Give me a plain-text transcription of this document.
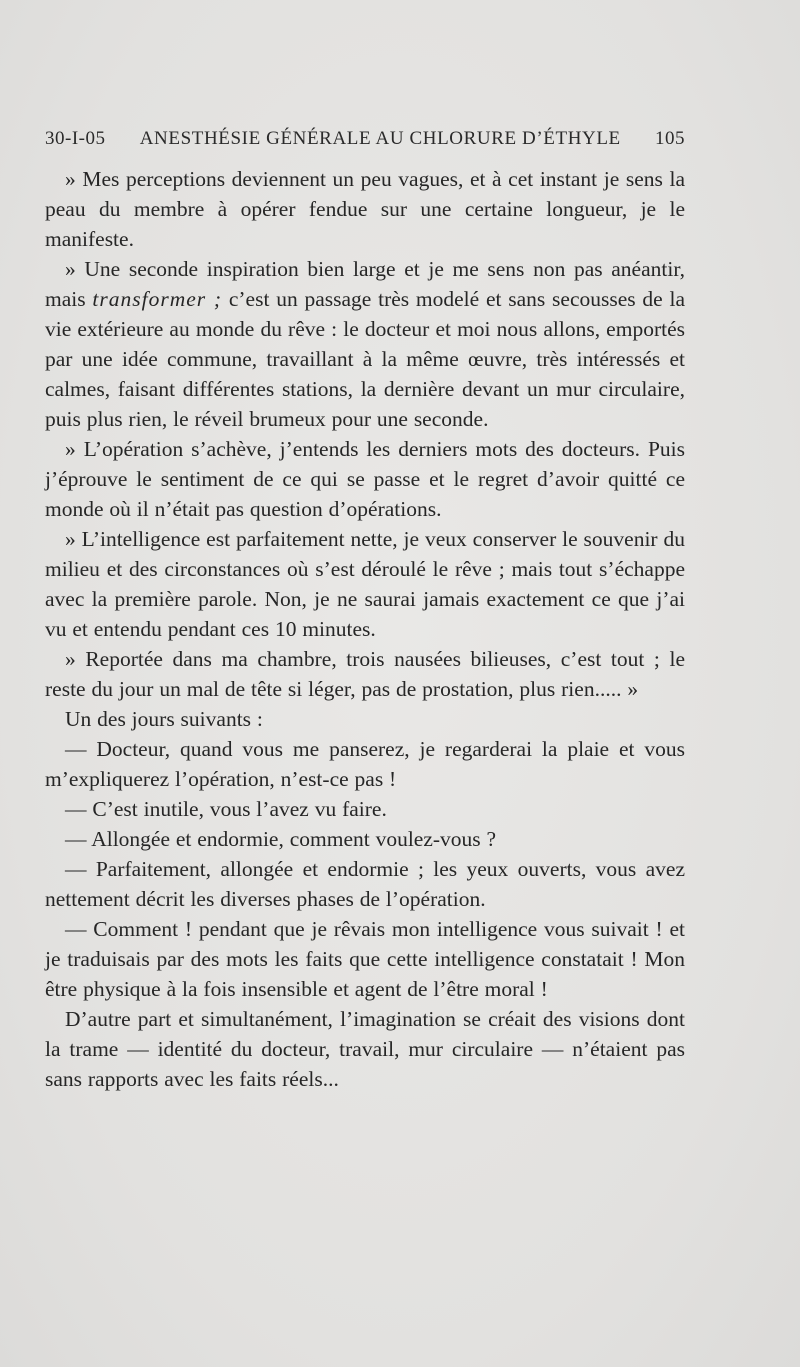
30-I-05 ANESTHÉSIE GÉNÉRALE AU CHLORURE D’ÉTHYLE 105

» Mes perceptions deviennent un peu vagues, et à cet instant je sens la peau du membre à opérer fendue sur une certaine longueur, je le manifeste.

» Une seconde inspiration bien large et je me sens non pas anéantir, mais transformer ; c’est un passage très modelé et sans secousses de la vie extérieure au monde du rêve : le docteur et moi nous allons, emportés par une idée commune, travaillant à la même œuvre, très intéressés et calmes, faisant différentes stations, la dernière devant un mur circulaire, puis plus rien, le réveil brumeux pour une seconde.

» L’opération s’achève, j’entends les derniers mots des docteurs. Puis j’éprouve le sentiment de ce qui se passe et le regret d’avoir quitté ce monde où il n’était pas question d’opérations.

» L’intelligence est parfaitement nette, je veux conserver le souvenir du milieu et des circonstances où s’est déroulé le rêve ; mais tout s’échappe avec la première parole. Non, je ne saurai jamais exactement ce que j’ai vu et entendu pendant ces 10 minutes.

» Reportée dans ma chambre, trois nausées bilieuses, c’est tout ; le reste du jour un mal de tête si léger, pas de prostation, plus rien..... »

Un des jours suivants :

— Docteur, quand vous me panserez, je regarderai la plaie et vous m’expliquerez l’opération, n’est-ce pas !

— C’est inutile, vous l’avez vu faire.

— Allongée et endormie, comment voulez-vous ?

— Parfaitement, allongée et endormie ; les yeux ouverts, vous avez nettement décrit les diverses phases de l’opération.

— Comment ! pendant que je rêvais mon intelligence vous suivait ! et je traduisais par des mots les faits que cette intelligence constatait ! Mon être physique à la fois insensible et agent de l’être moral !

D’autre part et simultanément, l’imagination se créait des visions dont la trame — identité du docteur, travail, mur circulaire — n’étaient pas sans rapports avec les faits réels...
